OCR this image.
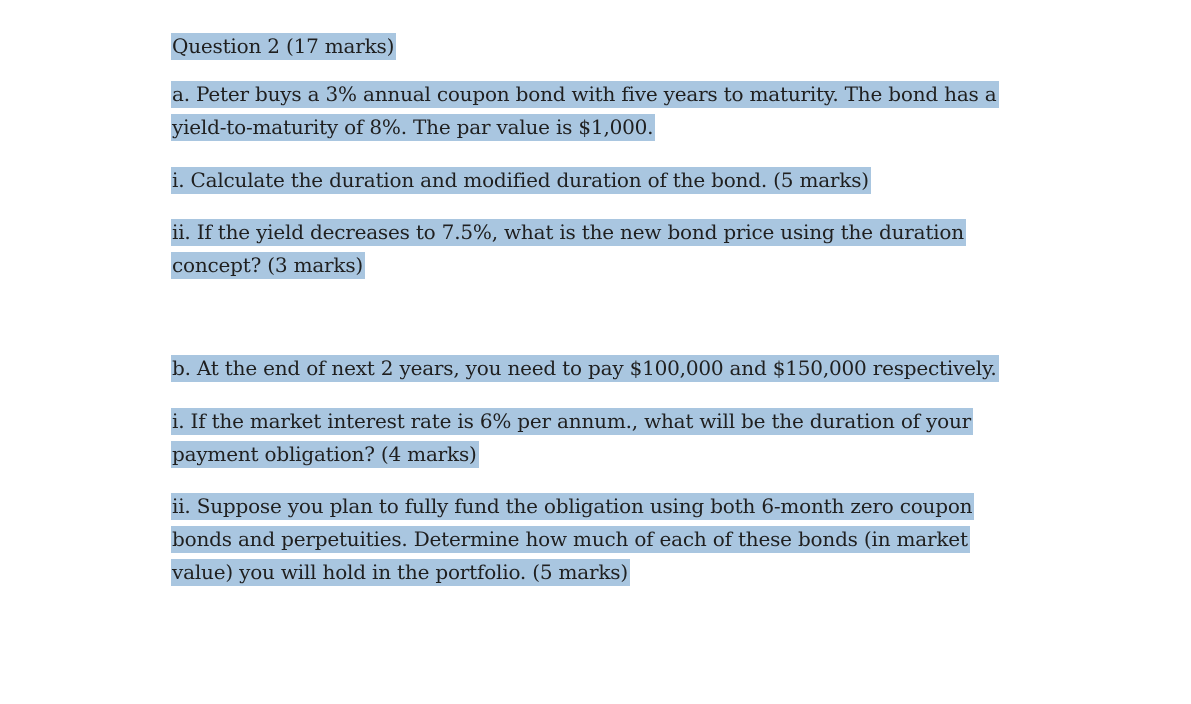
Question 2 (17 marks)

a. Peter buys a 3% annual coupon bond with five years to maturity. The bond has a
yield-to-maturity of 8%. The par value is $1,000.

i. Calculate the duration and modified duration of the bond. (5 marks)

ii. If the yield decreases to 7.5%, what is the new bond price using the duration
concept? (3 marks)

b. At the end of next 2 years, you need to pay $100,000 and $150,000 respectively.

i. If the market interest rate is 6% per annum., what will be the duration of your
payment obligation? (4 marks)

ii. Suppose you plan to fully fund the obligation using both 6-month zero coupon
bonds and perpetuities. Determine how much of each of these bonds (in market
value) you will hold in the portfolio. (5 marks)
